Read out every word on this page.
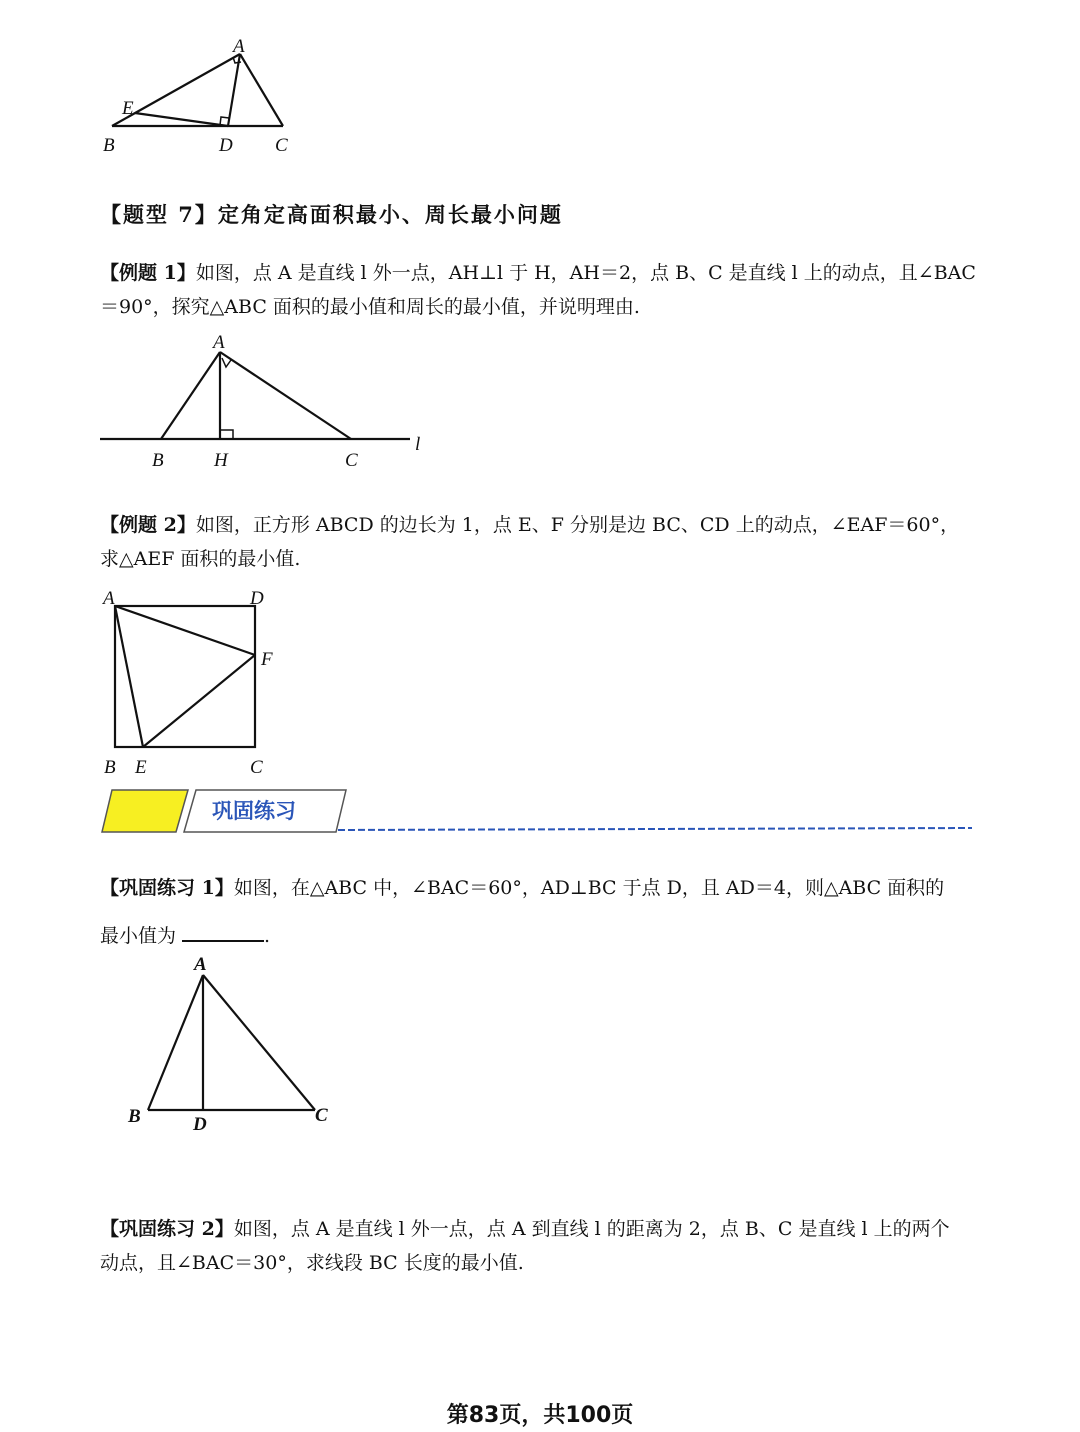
A
E
B	D C
【题型 7】定角定高面积最小、周长最小问题
【例题 1】如图，点 A 是直线 l 外一点，AH⊥l 于 H，AH＝2，点 B、C 是直线 l 上的动点，且∠BAC
＝90°，探究△ABC 面积的最小值和周长的最小值，并说明理由.
A
B	H	C
l
【例题 2】如图，正方形 ABCD 的边长为 1，点 E、F 分别是边 BC、CD 上的动点，∠EAF＝60°，
求△AEF 面积的最小值.
A	D
F
B E	C
巩固练习
【巩固练习 1】如图，在△ABC 中，∠BAC＝60°，AD⊥BC 于点 D，且 AD＝4，则△ABC 面积的
最小值为	.
A
B	D	C
【巩固练习 2】如图，点 A 是直线 l 外一点，点 A 到直线 l 的距离为 2，点 B、C 是直线 l 上的两个
动点，且∠BAC＝30°，求线段 BC 长度的最小值.
第83页，共100页
